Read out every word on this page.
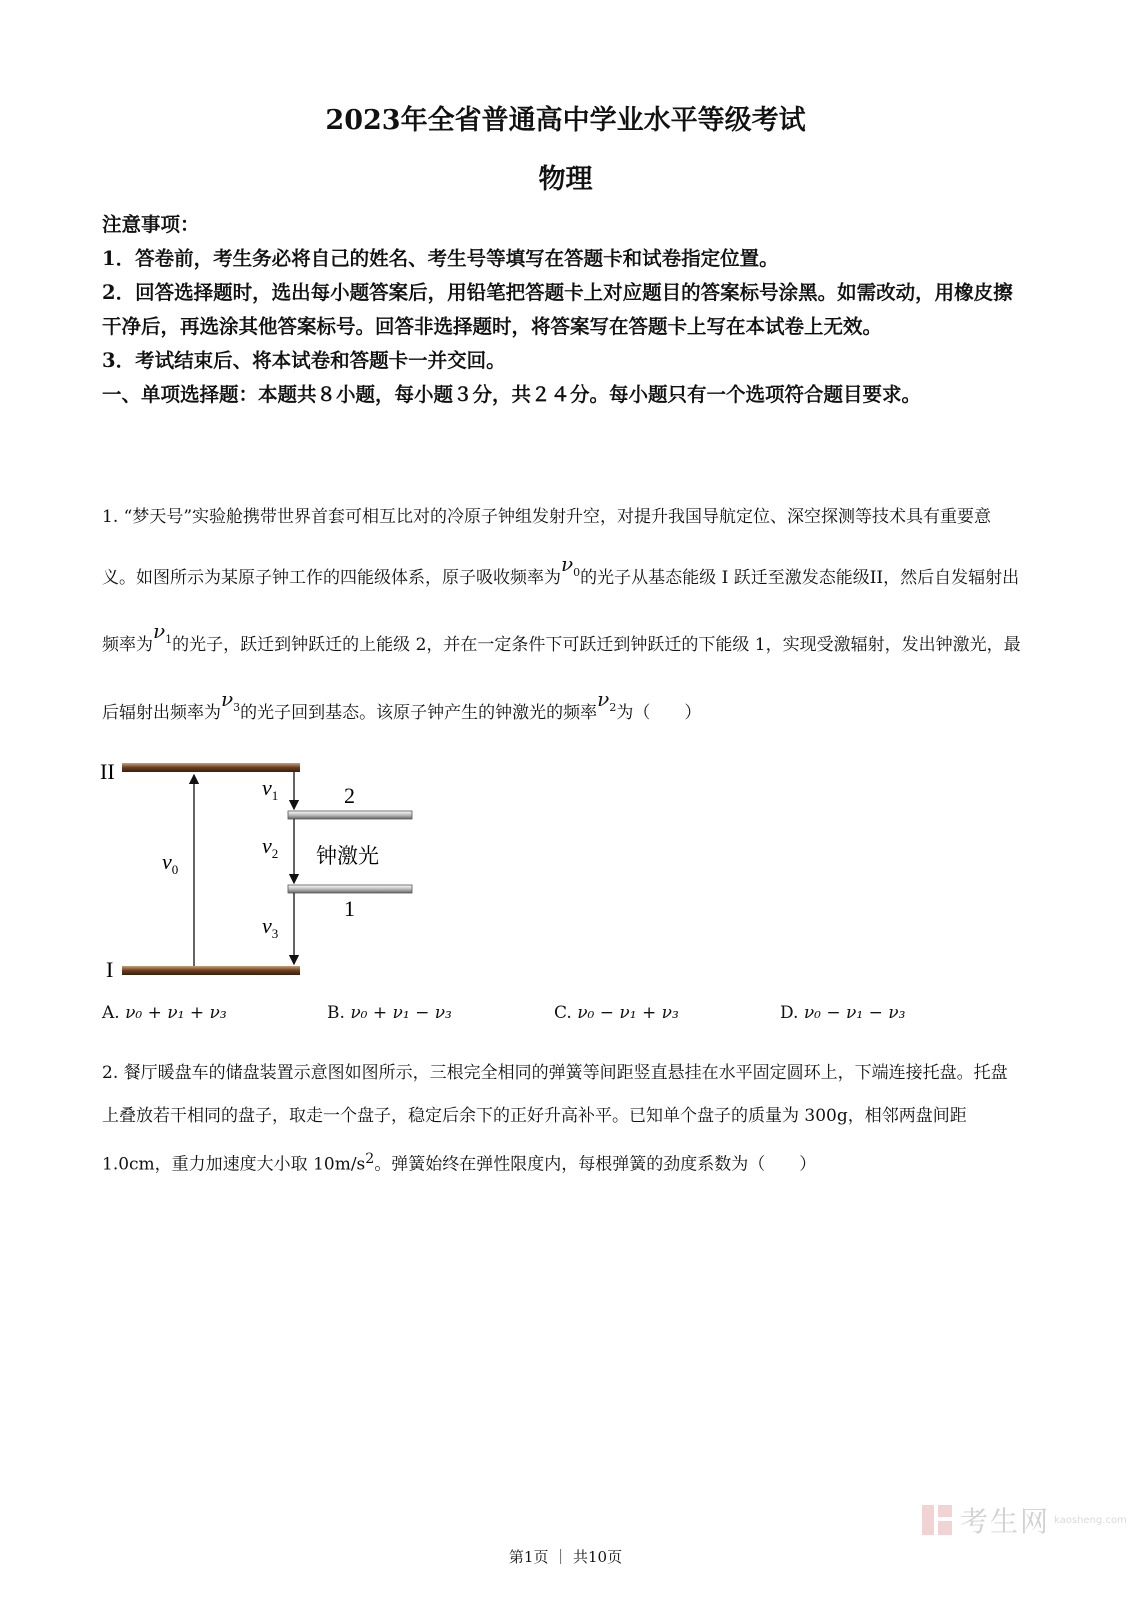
2023年全省普通高中学业水平等级考试
物理

注意事项：

1．答卷前，考生务必将自己的姓名、考生号等填写在答题卡和试卷指定位置。

2．回答选择题时，选出每小题答案后，用铅笔把答题卡上对应题目的答案标号涂黑。如需改动，用橡皮擦干净后，再选涂其他答案标号。回答非选择题时，将答案写在答题卡上写在本试卷上无效。

3．考试结束后、将本试卷和答题卡一并交回。

一、单项选择题：本题共８小题，每小题３分，共２４分。每小题只有一个选项符合题目要求。

1. “梦天号”实验舱携带世界首套可相互比对的冷原子钟组发射升空，对提升我国导航定位、深空探测等技术具有重要意义。如图所示为某原子钟工作的四能级体系，原子吸收频率为$\nu_0$的光子从基态能级 I 跃迁至激发态能级II，然后自发辐射出频率为$\nu_1$的光子，跃迁到钟跃迁的上能级 2，并在一定条件下可跃迁到钟跃迁的下能级 1，实现受激辐射，发出钟激光，最后辐射出频率为$\nu_3$的光子回到基态。该原子钟产生的钟激光的频率$\nu_2$为（　　）
II
I
2
1
钟激光
$\nu_0$
$\nu_1$
$\nu_2$
$\nu_3$
A. ν₀ + ν₁ + ν₃	B. ν₀ + ν₁ − ν₃	C. ν₀ − ν₁ + ν₃	D. ν₀ − ν₁ − ν₃
2. 餐厅暖盘车的储盘装置示意图如图所示，三根完全相同的弹簧等间距竖直悬挂在水平固定圆环上，下端连接托盘。托盘上叠放若干相同的盘子，取走一个盘子，稳定后余下的正好升高补平。已知单个盘子的质量为 300g，相邻两盘间距 1.0cm，重力加速度大小取 $10m/s^2$。弹簧始终在弹性限度内，每根弹簧的劲度系数为（　　）
考生网 kaosheng.com
第1页 ｜ 共10页
